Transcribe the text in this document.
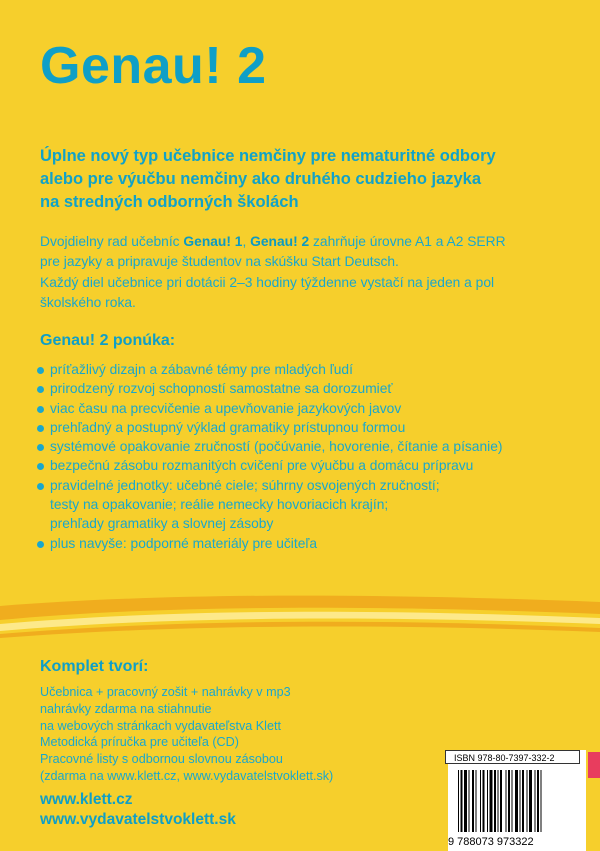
Genau! 2
Úplne nový typ učebnice nemčiny pre nematuritné odbory
alebo pre výučbu nemčiny ako druhého cudzieho jazyka
na stredných odborných školách
Dvojdielny rad učebníc Genau! 1, Genau! 2 zahrňuje úrovne A1 a A2 SERR
pre jazyky a pripravuje študentov na skúšku Start Deutsch.
Každý diel učebnice pri dotácii 2–3 hodiny týždenne vystačí na jeden a pol
školského roka.
Genau! 2 ponúka:
príťažlivý dizajn a zábavné témy pre mladých ľudí
prirodzený rozvoj schopností samostatne sa dorozumieť
viac času na precvičenie a upevňovanie jazykových javov
prehľadný a postupný výklad gramatiky prístupnou formou
systémové opakovanie zručností (počúvanie, hovorenie, čítanie a písanie)
bezpečnú zásobu rozmanitých cvičení pre výučbu a domácu prípravu
pravidelné jednotky: učebné ciele; súhrny osvojených zručností;
testy na opakovanie; reálie nemecky hovoriacich krajín;
prehľady gramatiky a slovnej zásoby
plus navyše: podporné materiály pre učiteľa
Komplet tvorí:
Učebnica + pracovný zošit + nahrávky v mp3
nahrávky zdarma na stiahnutie
na webových stránkach vydavateľstva Klett
Metodická príručka pre učiteľa (CD)
Pracovné listy s odbornou slovnou zásobou
(zdarma na www.klett.cz, www.vydavatelstvoklett.sk)
www.klett.cz
www.vydavatelstvoklett.sk
ISBN 978-80-7397-332-2
9 788073 973322
